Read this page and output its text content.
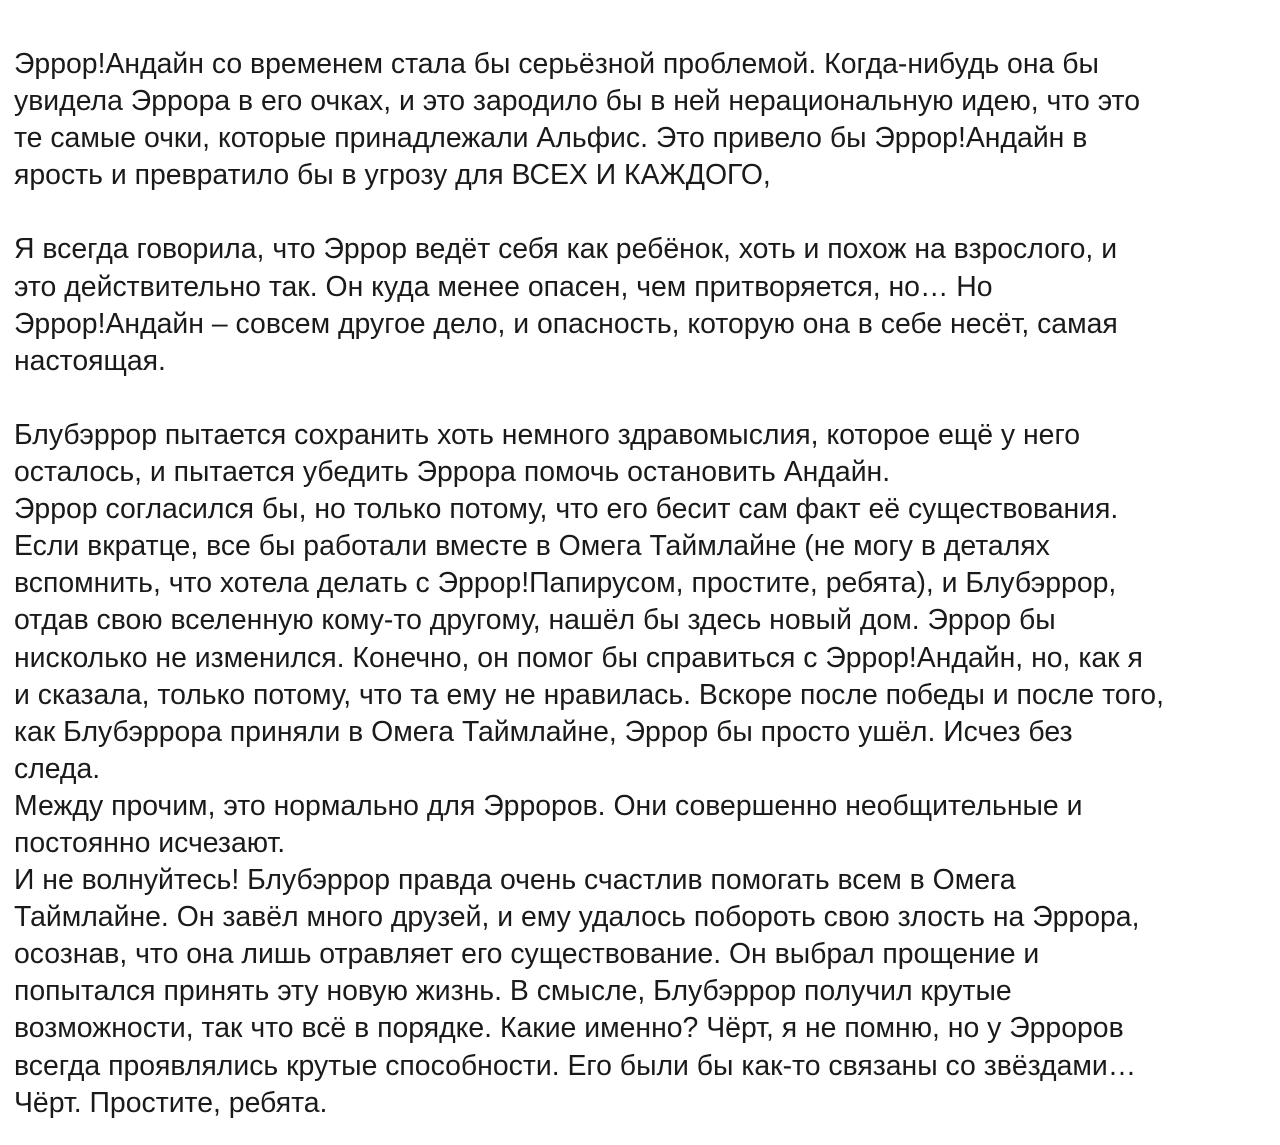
Эррор!Андайн со временем стала бы серьёзной проблемой. Когда-нибудь она бы
увидела Эррора в его очках, и это зародило бы в ней нерациональную идею, что это
те самые очки, которые принадлежали Альфис. Это привело бы Эррор!Андайн в
ярость и превратило бы в угрозу для ВСЕХ И КАЖДОГО,
Я всегда говорила, что Эррор ведёт себя как ребёнок, хоть и похож на взрослого, и
это действительно так. Он куда менее опасен, чем притворяется, но… Но
Эррор!Андайн – совсем другое дело, и опасность, которую она в себе несёт, самая
настоящая.
Блубэррор пытается сохранить хоть немного здравомыслия, которое ещё у него
осталось, и пытается убедить Эррора помочь остановить Андайн.
Эррор согласился бы, но только потому, что его бесит сам факт её существования.
Если вкратце, все бы работали вместе в Омега Таймлайне (не могу в деталях
вспомнить, что хотела делать с Эррор!Папирусом, простите, ребята), и Блубэррор,
отдав свою вселенную кому-то другому, нашёл бы здесь новый дом. Эррор бы
нисколько не изменился. Конечно, он помог бы справиться с Эррор!Андайн, но, как я
и сказала, только потому, что та ему не нравилась. Вскоре после победы и после того,
как Блубэррора приняли в Омега Таймлайне, Эррор бы просто ушёл. Исчез без
следа.
Между прочим, это нормально для Эрроров. Они совершенно необщительные и
постоянно исчезают.
И не волнуйтесь! Блубэррор правда очень счастлив помогать всем в Омега
Таймлайне. Он завёл много друзей, и ему удалось побороть свою злость на Эррора,
осознав, что она лишь отравляет его существование. Он выбрал прощение и
попытался принять эту новую жизнь. В смысле, Блубэррор получил крутые
возможности, так что всё в порядке. Какие именно? Чёрт, я не помню, но у Эрроров
всегда проявлялись крутые способности. Его были бы как-то связаны со звёздами…
Чёрт. Простите, ребята.
